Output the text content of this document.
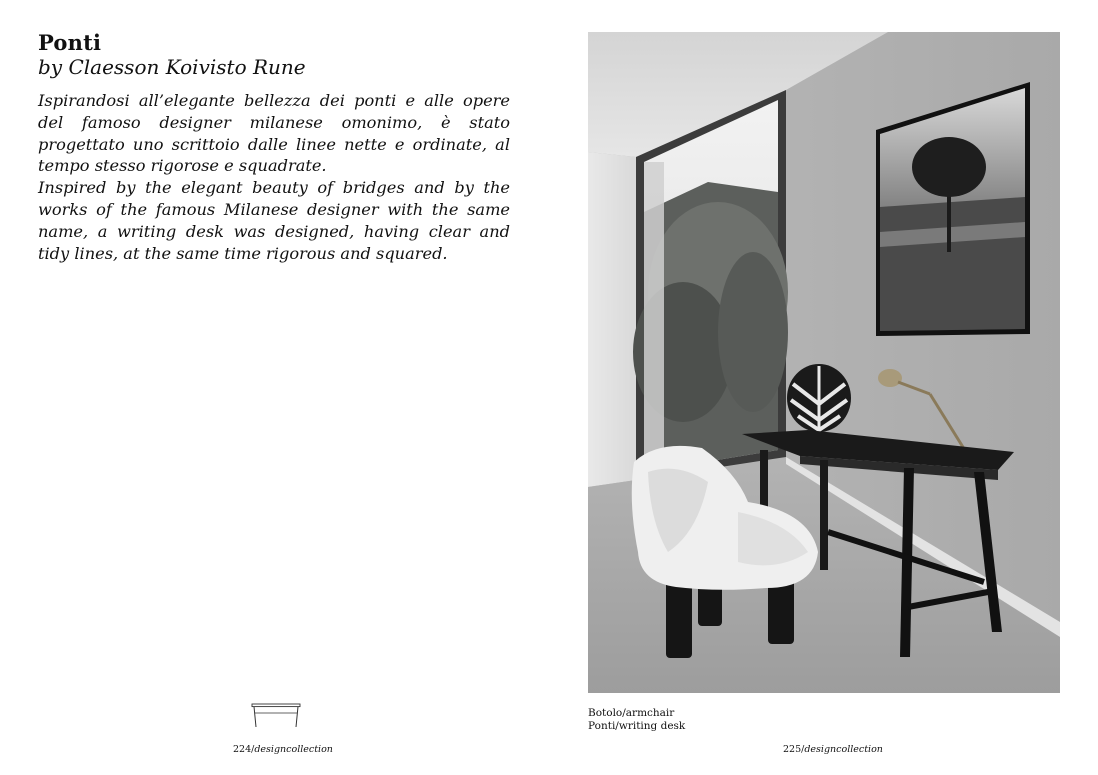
Ponti
by Claesson Koivisto Rune

Ispirandosi all’elegante bellezza dei ponti e alle opere del famoso designer milanese omonimo, è stato progettato uno scrittoio dalle linee nette e ordinate, al tempo stesso rigorose e squadrate.

Inspired by the elegant beauty of bridges and by the works of the famous Milanese designer with the same name, a writing desk was designed, having clear and tidy lines, at the same time rigorous and squared.

224/designcollection
Botolo/armchair
Ponti/writing desk
225/designcollection
